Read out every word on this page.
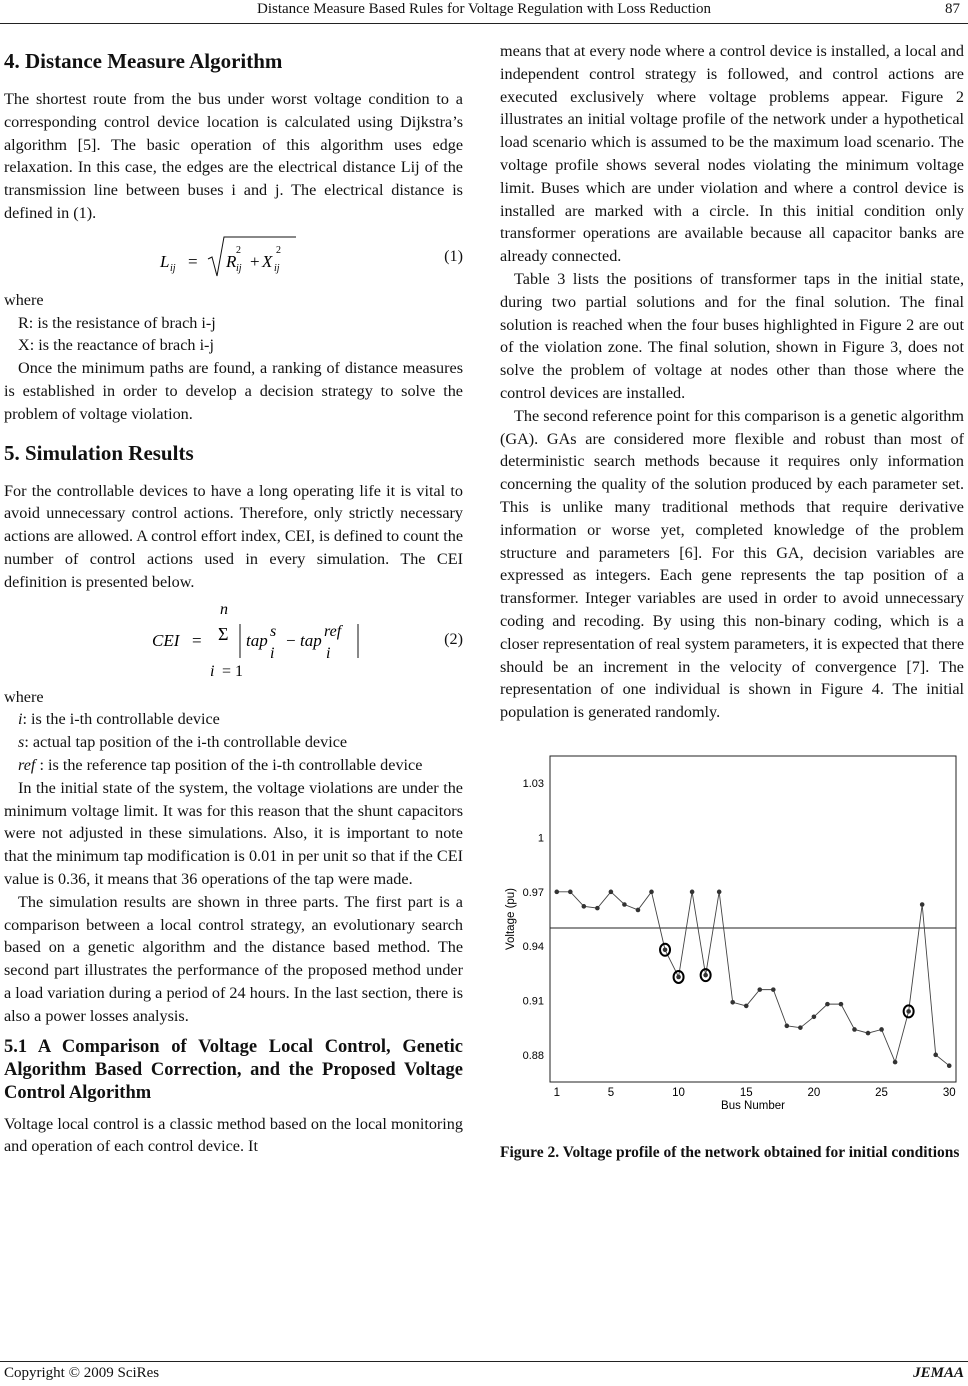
Distance Measure Based Rules for Voltage Regulation with Loss Reduction	87
4. Distance Measure Algorithm

The shortest route from the bus under worst voltage condition to a corresponding control device location is calculated using Dijkstra’s algorithm [5]. The basic operation of this algorithm uses edge relaxation. In this case, the edges are the electrical distance Lij of the transmission line between buses i and j. The electrical distance is defined in (1).

L ij = R
2
ij + X
2
ij
(1)

where

R: is the resistance of brach i-j

X: is the reactance of brach i-j

Once the minimum paths are found, a ranking of distance measures is established in order to develop a decision strategy to solve the problem of voltage violation.

5. Simulation Results

For the controllable devices to have a long operating life it is vital to avoid unnecessary control actions. Therefore, only strictly necessary actions are allowed. A control effort index, CEI, is defined to count the number of control actions used in every simulation. The CEI definition is presented below.

CEI =
n
Σ
i = 1
tap s
i
− tap ref
i
(2)

where

i: is the i-th controllable device

s: actual tap position of the i-th controllable device

ref : is the reference tap position of the i-th controllable device

In the initial state of the system, the voltage violations are under the minimum voltage limit. It was for this reason that the shunt capacitors were not adjusted in these simulations. Also, it is important to note that the minimum tap modification is 0.01 in per unit so that if the CEI value is 0.36, it means that 36 operations of the tap were made.

The simulation results are shown in three parts. The first part is a comparison between a local control strategy, an evolutionary search based on a genetic algorithm and the distance based method. The second part illustrates the performance of the proposed method under a load variation during a period of 24 hours. In the last section, there is also a power losses analysis.

5.1 A Comparison of Voltage Local Control, Genetic Algorithm Based Correction, and the Proposed Voltage Control Algorithm

Voltage local control is a classic method based on the local monitoring and operation of each control device. It

means that at every node where a control device is installed, a local and independent control strategy is followed, and control actions are executed exclusively where voltage problems appear. Figure 2 illustrates an initial voltage profile of the network under a hypothetical load scenario which is assumed to be the maximum load scenario. The voltage profile shows several nodes violating the minimum voltage limit. Buses which are under violation and where a control device is installed are marked with a circle. In this initial condition only transformer operations are available because all capacitor banks are already connected.

Table 3 lists the positions of transformer taps in the initial state, during two partial solutions and for the final solution. The final solution is reached when the four buses highlighted in Figure 2 are out of the violation zone. The final solution, shown in Figure 3, does not solve the problem of voltage at nodes other than those where the control devices are installed.

The second reference point for this comparison is a genetic algorithm (GA). GAs are considered more flexible and robust than most of deterministic search methods because it requires only information concerning the quality of the solution produced by each parameter set. This is unlike many traditional methods that require derivative information or worse yet, completed knowledge of the problem structure and parameters [6]. For this GA, decision variables are expressed as integers. Each gene represents the tap position of a transformer. Integer variables are used in order to avoid unnecessary coding and recoding. By using this non-binary coding, which is a closer representation of real system parameters, it is expected that there should be an increment in the velocity of convergence [7]. The representation of one individual is shown in Figure 4. The initial population is generated randomly.

0.88
0.91
0.94
0.97
1
1.03
1	5	10	15	20	25	30
Bus Number
Voltage (pu)
Figure 2. Voltage profile of the network obtained for initial conditions
Copyright © 2009 SciRes	JEMAA
